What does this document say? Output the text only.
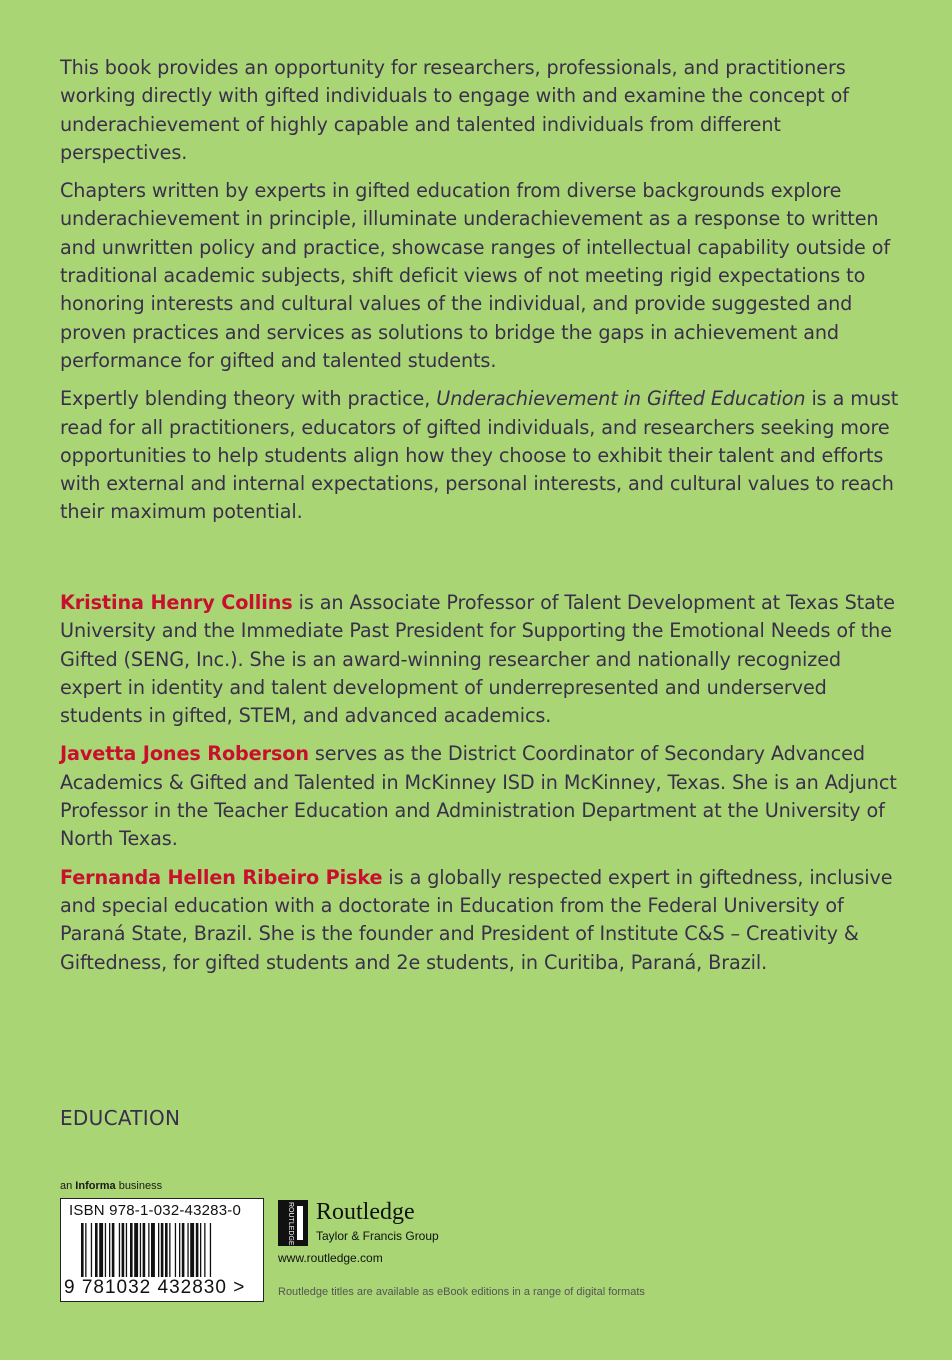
This book provides an opportunity for researchers, professionals, and practitioners working directly with gifted individuals to engage with and examine the concept of underachievement of highly capable and talented individuals from different perspectives.

Chapters written by experts in gifted education from diverse backgrounds explore underachievement in principle, illuminate underachievement as a response to written and unwritten policy and practice, showcase ranges of intellectual capability outside of traditional academic subjects, shift deficit views of not meeting rigid expectations to honoring interests and cultural values of the individual, and provide suggested and proven practices and services as solutions to bridge the gaps in achievement and performance for gifted and talented students.

Expertly blending theory with practice, Underachievement in Gifted Education is a must read for all practitioners, educators of gifted individuals, and researchers seeking more opportunities to help students align how they choose to exhibit their talent and efforts with external and internal expectations, personal interests, and cultural values to reach their maximum potential.

Kristina Henry Collins is an Associate Professor of Talent Development at Texas State University and the Immediate Past President for Supporting the Emotional Needs of the Gifted (SENG, Inc.). She is an award-winning researcher and nationally recognized expert in identity and talent development of underrepresented and underserved students in gifted, STEM, and advanced academics.

Javetta Jones Roberson serves as the District Coordinator of Secondary Advanced Academics & Gifted and Talented in McKinney ISD in McKinney, Texas. She is an Adjunct Professor in the Teacher Education and Administration Department at the University of North Texas.

Fernanda Hellen Ribeiro Piske is a globally respected expert in giftedness, inclusive and special education with a doctorate in Education from the Federal University of Paraná State, Brazil. She is the founder and President of Institute C&S – Creativity & Giftedness, for gifted students and 2e students, in Curitiba, Paraná, Brazil.

EDUCATION
an Informa business
ISBN 978-1-032-43283-0
9 781032 432830 >
ROUTLEDGE Routledge
Taylor & Francis Group
www.routledge.com
Routledge titles are available as eBook editions in a range of digital formats
